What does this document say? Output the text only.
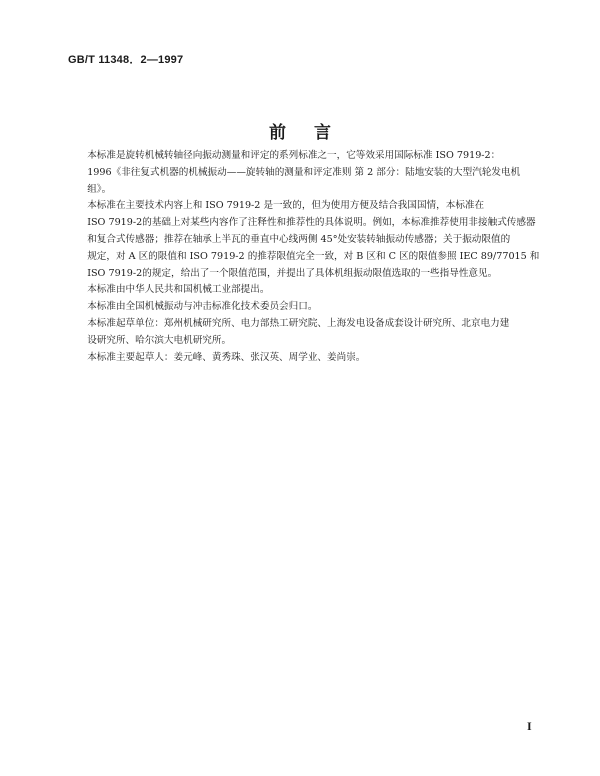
GB/T 11348．2—1997
前言

本标准是旋转机械转轴径向振动测量和评定的系列标准之一，它等效采用国际标准 ISO 7919-2：
1996《非往复式机器的机械振动——旋转轴的测量和评定准则 第 2 部分：陆地安装的大型汽轮发电机
组》。

本标准在主要技术内容上和 ISO 7919-2 是一致的，但为使用方便及结合我国国情，本标准在
ISO 7919-2的基础上对某些内容作了注释性和推荐性的具体说明。例如，本标准推荐使用非接触式传感器
和复合式传感器；推荐在轴承上半瓦的垂直中心线两侧 45°处安装转轴振动传感器；关于振动限值的
规定，对 A 区的限值和 ISO 7919-2 的推荐限值完全一致，对 B 区和 C 区的限值参照 IEC 89/77015 和
ISO 7919-2的规定，给出了一个限值范围，并提出了具体机组振动限值选取的一些指导性意见。

本标准由中华人民共和国机械工业部提出。

本标准由全国机械振动与冲击标准化技术委员会归口。

本标准起草单位：郑州机械研究所、电力部热工研究院、上海发电设备成套设计研究所、北京电力建
设研究所、哈尔滨大电机研究所。

本标准主要起草人：姜元峰、黄秀珠、张汉英、周学业、姜尚崇。

I
